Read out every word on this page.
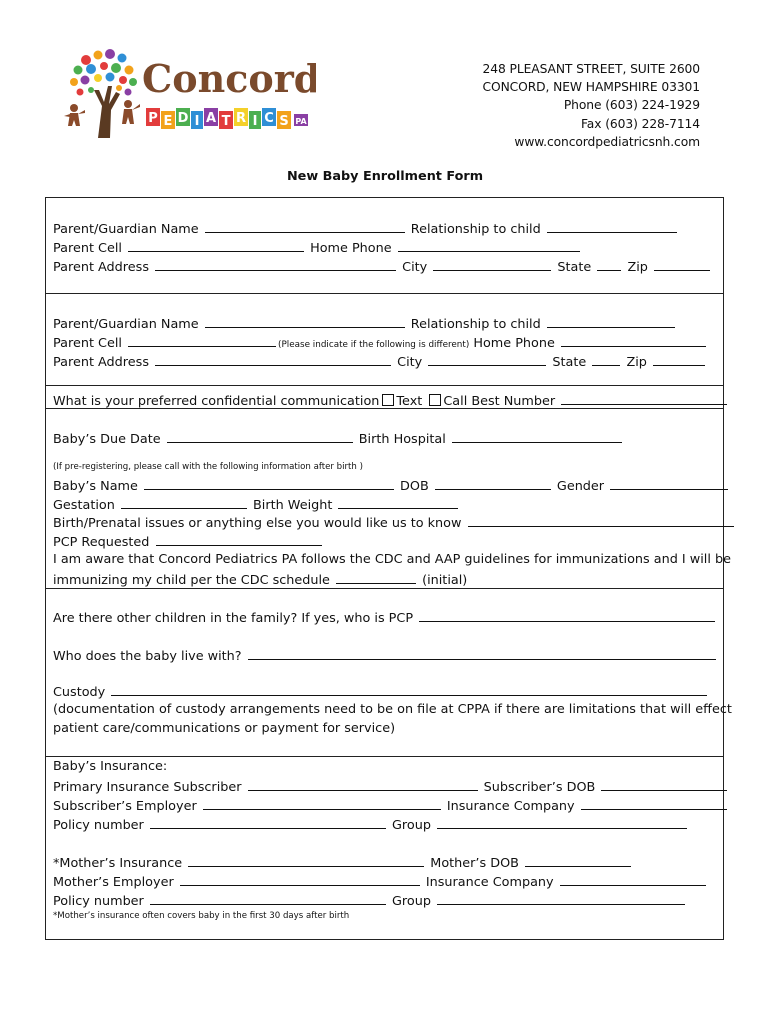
Concord
P E D I A T R I C S PA
248 PLEASANT STREET, SUITE 2600
CONCORD, NEW HAMPSHIRE 03301
Phone (603) 224-1929
Fax (603) 228-7114
www.concordpediatricsnh.com
New Baby Enrollment Form
Parent/Guardian Name	Relationship to child
Parent Cell	Home Phone
Parent Address	City	State	Zip
Parent/Guardian Name	Relationship to child
Parent Cell	(Please indicate if the following is different) Home Phone
Parent Address	City	State	Zip
What is your preferred confidential communication Text Call Best Number
Baby’s Due Date	Birth Hospital
(If pre-registering, please call with the following information after birth )
Baby’s Name	DOB	Gender
Gestation	Birth Weight
Birth/Prenatal issues or anything else you would like us to know
PCP Requested
I am aware that Concord Pediatrics PA follows the CDC and AAP guidelines for immunizations and I will be
immunizing my child per the CDC schedule	(initial)
Are there other children in the family? If yes, who is PCP
Who does the baby live with?
Custody
(documentation of custody arrangements need to be on file at CPPA if there are limitations that will effect
patient care/communications or payment for service)
Baby’s Insurance:
Primary Insurance Subscriber	Subscriber’s DOB
Subscriber’s Employer	Insurance Company
Policy number	Group
*Mother’s Insurance	Mother’s DOB
Mother’s Employer	Insurance Company
Policy number	Group
*Mother’s insurance often covers baby in the first 30 days after birth
